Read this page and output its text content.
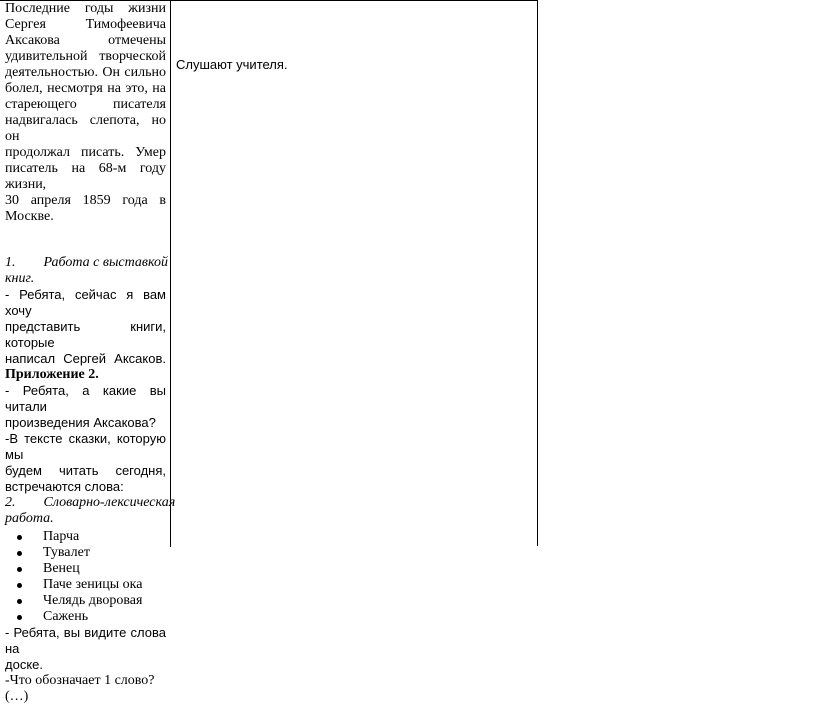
Последние годы жизни

Сергея Тимофеевича

Аксакова отмечены

удивительной творческой

деятельностью. Он сильно

болел, несмотря на это, на

стареющего писателя

надвигалась слепота, но он

продолжал писать. Умер

писатель на 68-м году жизни,

30 апреля 1859 года в

Москве.

1.        Работа с выставкой

книг.

- Ребята, сейчас я вам хочу

представить книги, которые

написал Сергей Аксаков.

Приложение 2.

- Ребята, а какие вы читали

произведения Аксакова?

-В тексте сказки, которую мы

будем читать сегодня,

встречаются слова:

2.        Словарно-лексическая

работа.

Парча
Тувалет
Венец
Паче зеницы ока
Челядь дворовая
Сажень

- Ребята, вы видите слова на

доске.

-Что обозначает 1 слово? (…)

Слушают учителя.
